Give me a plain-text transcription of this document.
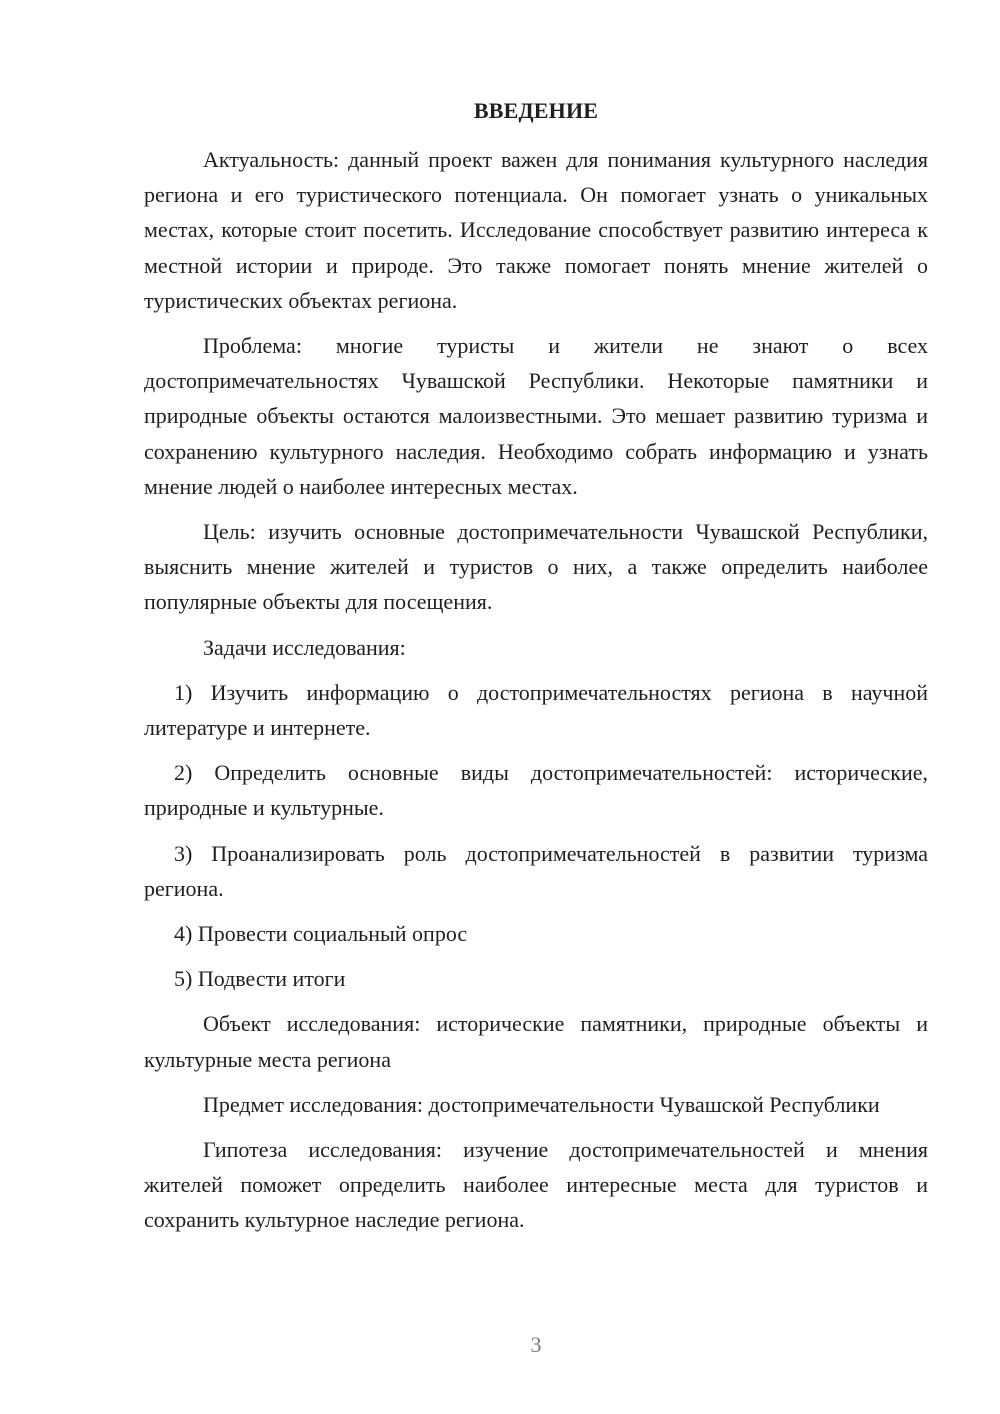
ВВЕДЕНИЕ

Актуальность: данный проект важен для понимания культурного наследия региона и его туристического потенциала. Он помогает узнать о уникальных местах, которые стоит посетить. Исследование способствует развитию интереса к местной истории и природе. Это также помогает понять мнение жителей о туристических объектах региона.

Проблема: многие туристы и жители не знают о всех достопримечательностях Чувашской Республики. Некоторые памятники и природные объекты остаются малоизвестными. Это мешает развитию туризма и сохранению культурного наследия. Необходимо собрать информацию и узнать мнение людей о наиболее интересных местах.

Цель: изучить основные достопримечательности Чувашской Республики, выяснить мнение жителей и туристов о них, а также определить наиболее популярные объекты для посещения.

Задачи исследования:

1) Изучить информацию о достопримечательностях региона в научной литературе и интернете.

2) Определить основные виды достопримечательностей: исторические, природные и культурные.

3) Проанализировать роль достопримечательностей в развитии туризма региона.

4) Провести социальный опрос

5) Подвести итоги

Объект исследования: исторические памятники, природные объекты и культурные места региона

Предмет исследования: достопримечательности Чувашской Республики

Гипотеза исследования: изучение достопримечательностей и мнения жителей поможет определить наиболее интересные места для туристов и сохранить культурное наследие региона.

3
